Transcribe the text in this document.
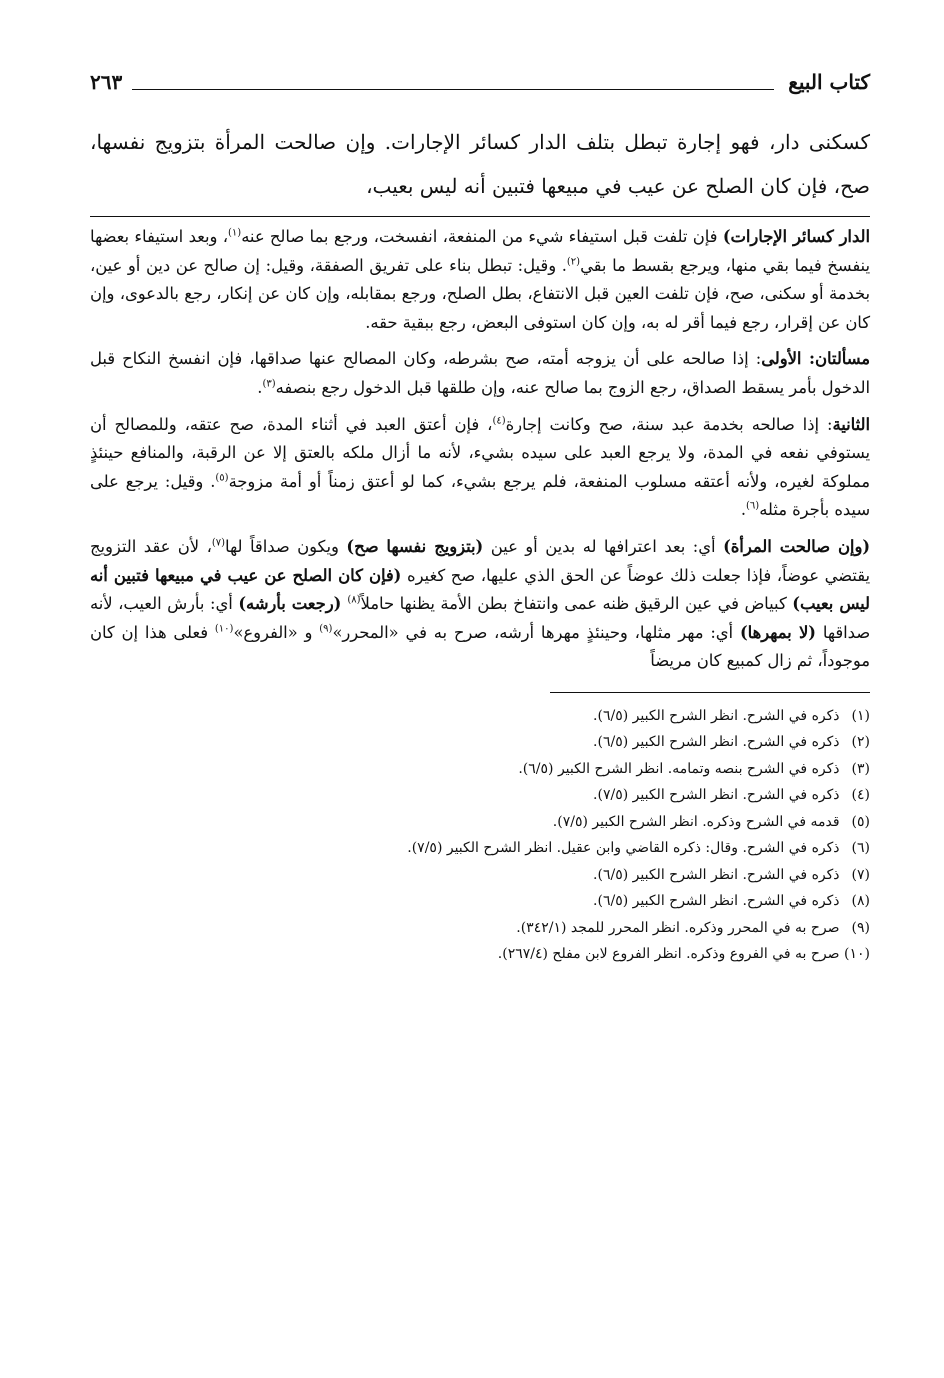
كتاب البيع
٢٦٣
كسكنى دار، فهو إجارة تبطل بتلف الدار كسائر الإجارات. وإن صالحت المرأة بتزويج نفسها، صح، فإن كان الصلح عن عيب في مبيعها فتبين أنه ليس بعيب،

الدار كسائر الإجارات) فإن تلفت قبل استيفاء شيء من المنفعة، انفسخت، ورجع بما صالح عنه$^{(١)}$، وبعد استيفاء بعضها ينفسخ فيما بقي منها، ويرجع بقسط ما بقي$^{(٢)}$. وقيل: تبطل بناء على تفريق الصفقة، وقيل: إن صالح عن دين أو عين، بخدمة أو سكنى، صح، فإن تلفت العين قبل الانتفاع، بطل الصلح، ورجع بمقابله، وإن كان عن إنكار، رجع بالدعوى، وإن كان عن إقرار، رجع فيما أقر له به، وإن كان استوفى البعض، رجع ببقية حقه.

مسألتان: الأولى: إذا صالحه على أن يزوجه أمته، صح بشرطه، وكان المصالح عنها صداقها، فإن انفسخ النكاح قبل الدخول بأمر يسقط الصداق، رجع الزوج بما صالح عنه، وإن طلقها قبل الدخول رجع بنصفه$^{(٣)}$.

الثانية: إذا صالحه بخدمة عبد سنة، صح وكانت إجارة$^{(٤)}$، فإن أعتق العبد في أثناء المدة، صح عتقه، وللمصالح أن يستوفي نفعه في المدة، ولا يرجع العبد على سيده بشيء، لأنه ما أزال ملكه بالعتق إلا عن الرقبة، والمنافع حينئذٍ مملوكة لغيره، ولأنه أعتقه مسلوب المنفعة، فلم يرجع بشيء، كما لو أعتق زمناً أو أمة مزوجة$^{(٥)}$. وقيل: يرجع على سيده بأجرة مثله$^{(٦)}$.

(وإن صالحت المرأة) أي: بعد اعترافها له بدين أو عين (بتزويج نفسها صح) ويكون صداقاً لها$^{(٧)}$، لأن عقد التزويج يقتضي عوضاً، فإذا جعلت ذلك عوضاً عن الحق الذي عليها، صح كغيره (فإن كان الصلح عن عيب في مبيعها فتبين أنه ليس بعيب) كبياض في عين الرقيق ظنه عمى وانتفاخ بطن الأمة يظنها حاملاً$^{(٨)}$ (رجعت بأرشه) أي: بأرش العيب، لأنه صداقها (لا بمهرها) أي: مهر مثلها، وحينئذٍ مهرها أرشه، صرح به في «المحرر»$^{(٩)}$ و «الفروع»$^{(١٠)}$ فعلى هذا إن كان موجوداً، ثم زال كمبيع كان مريضاً

(١) ذكره في الشرح. انظر الشرح الكبير (٦/٥).
(٢) ذكره في الشرح. انظر الشرح الكبير (٦/٥).
(٣) ذكره في الشرح بنصه وتمامه. انظر الشرح الكبير (٦/٥).
(٤) ذكره في الشرح. انظر الشرح الكبير (٧/٥).
(٥) قدمه في الشرح وذكره. انظر الشرح الكبير (٧/٥).
(٦) ذكره في الشرح. وقال: ذكره القاضي وابن عقيل. انظر الشرح الكبير (٧/٥).
(٧) ذكره في الشرح. انظر الشرح الكبير (٦/٥).
(٨) ذكره في الشرح. انظر الشرح الكبير (٦/٥).
(٩) صرح به في المحرر وذكره. انظر المحرر للمجد (٣٤٢/١).
(١٠) صرح به في الفروع وذكره. انظر الفروع لابن مفلح (٢٦٧/٤).
